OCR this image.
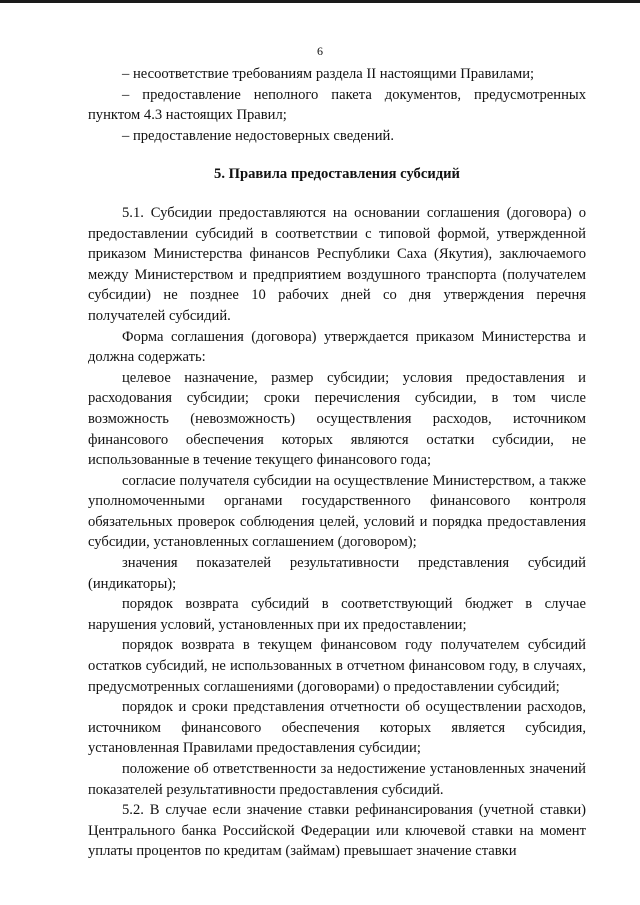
6

– несоответствие требованиям раздела II настоящими Правилами;

– предоставление неполного пакета документов, предусмотренных пунктом 4.3 настоящих Правил;

– предоставление недостоверных сведений.

5. Правила предоставления субсидий

5.1. Субсидии предоставляются на основании соглашения (договора) о предоставлении субсидий в соответствии с типовой формой, утвержденной приказом Министерства финансов Республики Саха (Якутия), заключаемого между Министерством и предприятием воздушного транспорта (получателем субсидии) не позднее 10 рабочих дней со дня утверждения перечня получателей субсидий.

Форма соглашения (договора) утверждается приказом Министерства и должна содержать:

целевое назначение, размер субсидии; условия предоставления и расходования субсидии; сроки перечисления субсидии, в том числе возможность (невозможность) осуществления расходов, источником финансового обеспечения которых являются остатки субсидии, не использованные в течение текущего финансового года;

согласие получателя субсидии на осуществление Министерством, а также уполномоченными органами государственного финансового контроля обязательных проверок соблюдения целей, условий и порядка предоставления субсидии, установленных соглашением (договором);

значения показателей результативности представления субсидий (индикаторы);

порядок возврата субсидий в соответствующий бюджет в случае нарушения условий, установленных при их предоставлении;

порядок возврата в текущем финансовом году получателем субсидий остатков субсидий, не использованных в отчетном финансовом году, в случаях, предусмотренных соглашениями (договорами) о предоставлении субсидий;

порядок и сроки представления отчетности об осуществлении расходов, источником финансового обеспечения которых является субсидия, установленная Правилами предоставления субсидии;

положение об ответственности за недостижение установленных значений показателей результативности предоставления субсидий.

5.2. В случае если значение ставки рефинансирования (учетной ставки) Центрального банка Российской Федерации или ключевой ставки на момент уплаты процентов по кредитам (займам) превышает значение ставки
